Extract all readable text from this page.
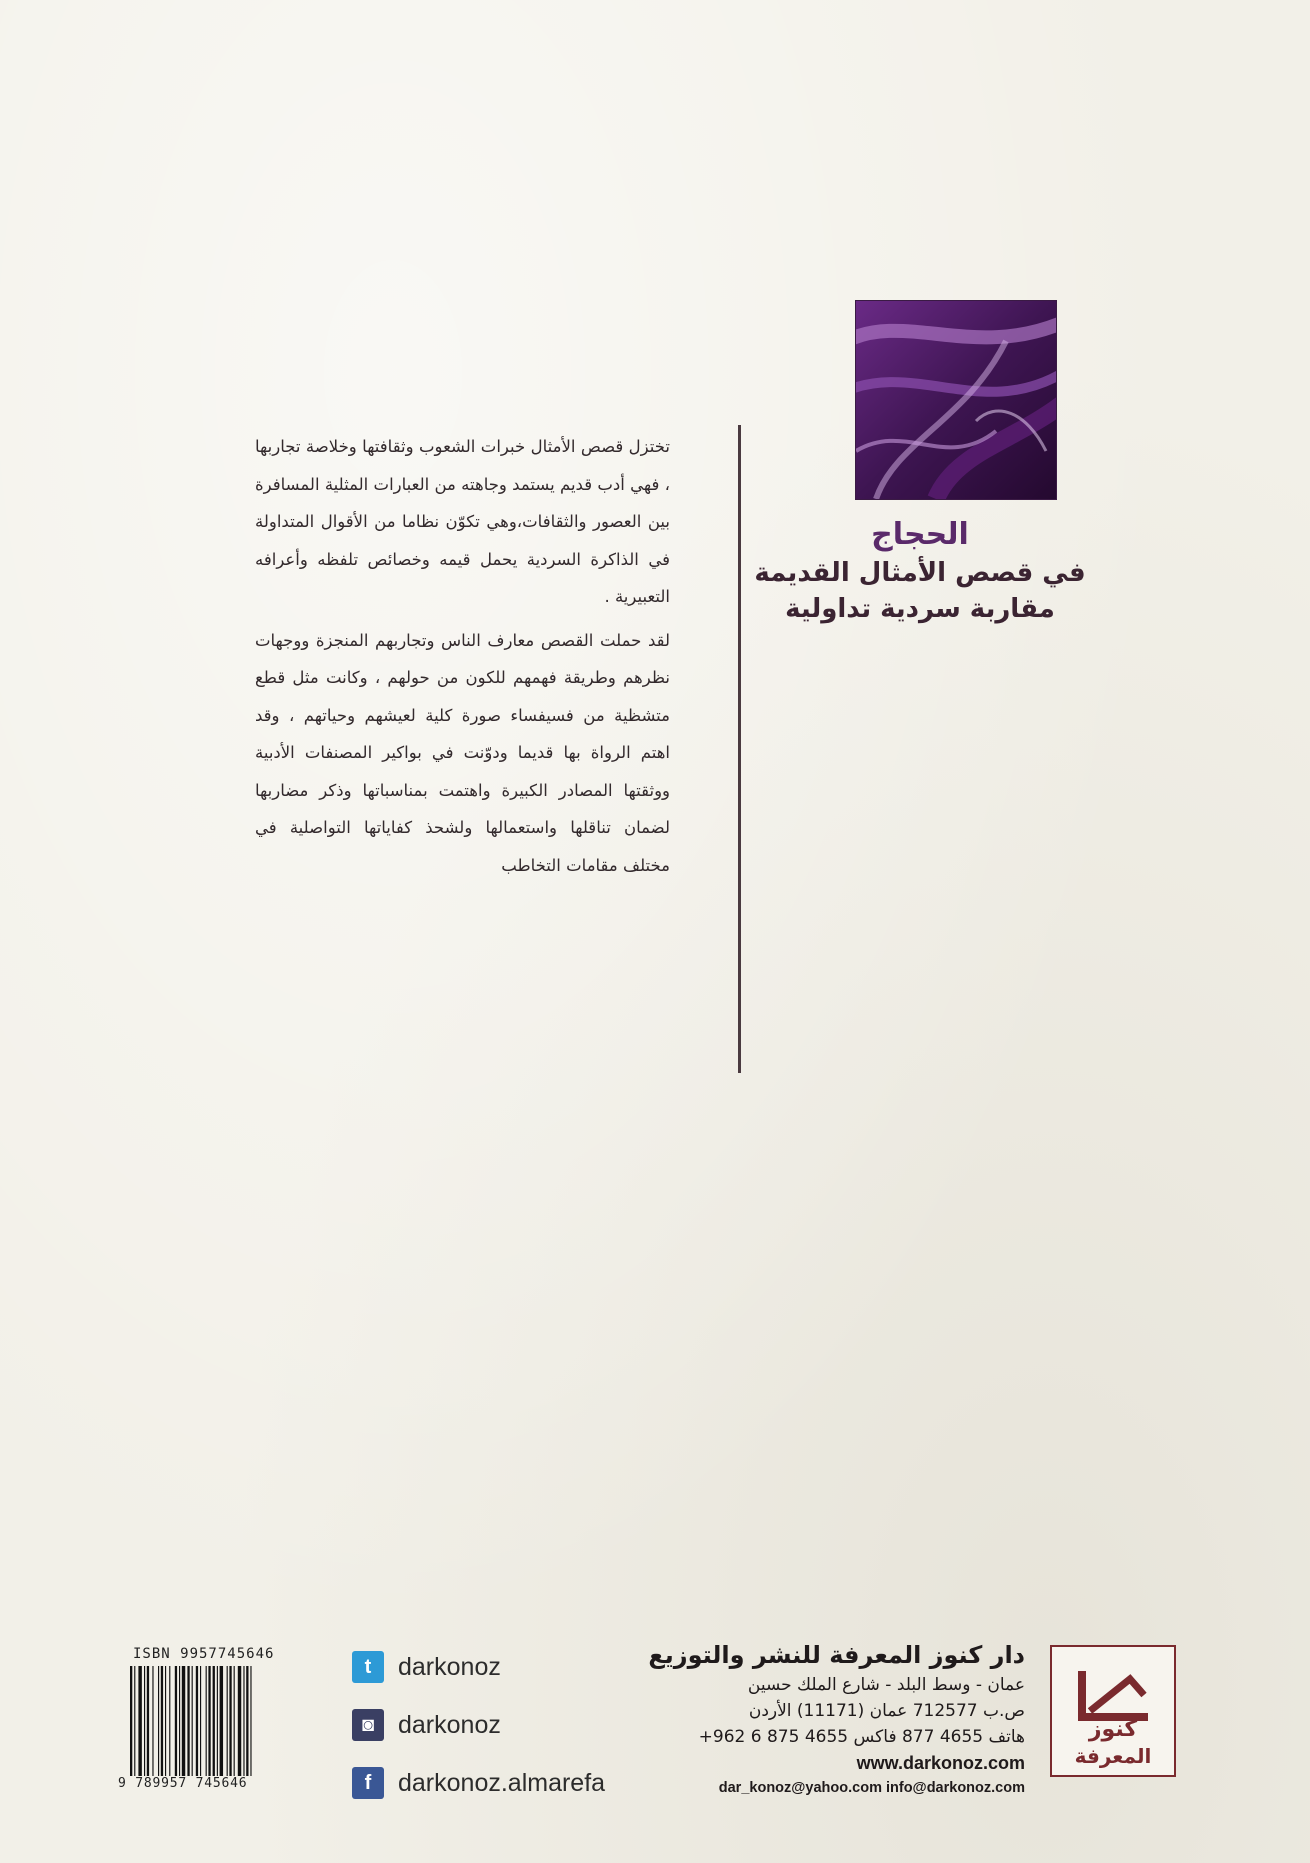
الحجاج
في قصص الأمثال القديمة
مقاربة سردية تداولية

تختزل قصص الأمثال خبرات الشعوب وثقافتها وخلاصة تجاربها ، فهي أدب قديم يستمد وجاهته من العبارات المثلية المسافرة بين العصور والثقافات،وهي تكوّن نظاما من الأقوال المتداولة في الذاكرة السردية يحمل قيمه وخصائص تلفظه وأعرافه التعبيرية .

لقد حملت القصص معارف الناس وتجاربهم المنجزة ووجهات نظرهم وطريقة فهمهم للكون من حولهم ، وكانت مثل قطع متشظية من فسيفساء صورة كلية لعيشهم وحياتهم ، وقد اهتم الرواة بها قديما ودوّنت في بواكير المصنفات الأدبية ووثقتها المصادر الكبيرة واهتمت بمناسباتها وذكر مضاربها لضمان تناقلها واستعمالها ولشحذ كفاياتها التواصلية في مختلف مقامات التخاطب

ISBN 9957745646
9 789957 745646
t	darkonoz
◙ darkonoz
f	darkonoz.almarefa
دار كنوز المعرفة للنشر والتوزيع
عمان - وسط البلد - شارع الملك حسين
ص.ب 712577 عمان (11171) الأردن
هاتف 4655 877 فاكس 4655 875 6 962+
www.darkonoz.com
dar_konoz@yahoo.com info@darkonoz.com
كنوز
المعرفة
